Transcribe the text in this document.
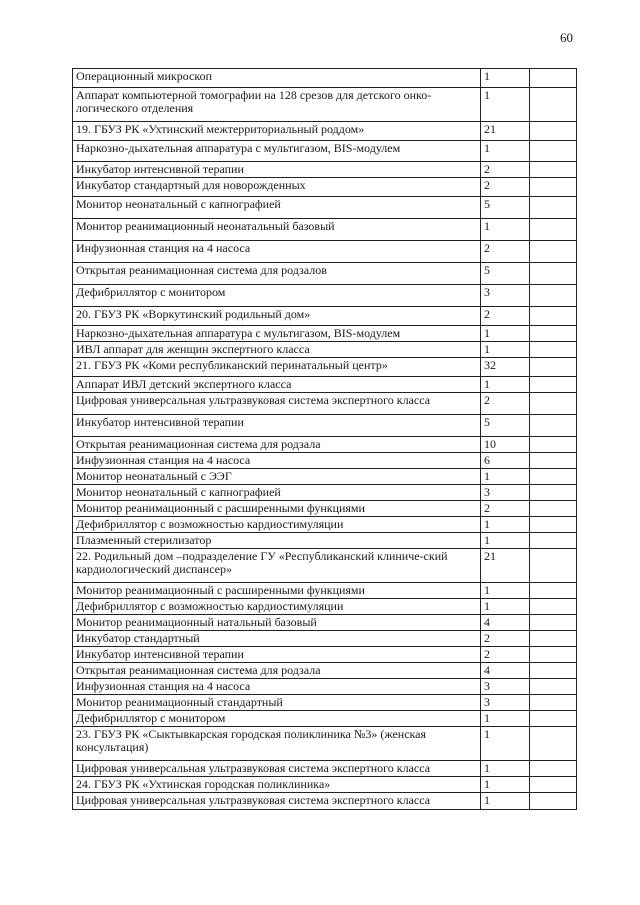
60
Операционный микроскоп	1	
Аппарат компьютерной томографии на 128 срезов для детского онко-логического отделения	1	
19. ГБУЗ РК «Ухтинский межтерриториальный роддом»	21	
Наркозно-дыхательная аппаратура с мультигазом, BIS-модулем	1	
Инкубатор интенсивной терапии	2	
Инкубатор стандартный для новорожденных	2	
Монитор неонатальный с капнографией	5	
Монитор реанимационный неонатальный базовый	1	
Инфузионная станция на 4 насоса	2	
Открытая реанимационная система для родзалов	5	
Дефибриллятор с монитором	3	
20. ГБУЗ РК «Воркутинский родильный дом»	2	
Наркозно-дыхательная аппаратура с мультигазом, BIS-модулем	1	
ИВЛ аппарат для женщин экспертного класса	1	
21. ГБУЗ РК «Коми республиканский перинатальный центр»	32	
Аппарат ИВЛ детский экспертного класса	1	
Цифровая универсальная ультразвуковая система экспертного класса	2	
Инкубатор интенсивной терапии	5	
Открытая реанимационная система для родзала	10	
Инфузионная станция на 4 насоса	6	
Монитор неонатальный с ЭЭГ	1	
Монитор неонатальный с капнографией	3	
Монитор реанимационный с расширенными функциями	2	
Дефибриллятор с возможностью кардиостимуляции	1	
Плазменный стерилизатор	1	
22. Родильный дом –подразделение ГУ «Республиканский клиниче-ский кардиологический диспансер»	21	
Монитор реанимационный с расширенными функциями	1	
Дефибриллятор с возможностью кардиостимуляции	1	
Монитор реанимационный натальный базовый	4	
Инкубатор стандартный	2	
Инкубатор интенсивной терапии	2	
Открытая реанимационная система для родзала	4	
Инфузионная станция на 4 насоса	3	
Монитор реанимационный стандартный	3	
Дефибриллятор с монитором	1	
23. ГБУЗ РК «Сыктывкарская городская поликлиника №3» (женская консультация)	1	
Цифровая универсальная ультразвуковая система экспертного класса	1	
24. ГБУЗ РК «Ухтинская городская поликлиника»	1	
Цифровая универсальная ультразвуковая система экспертного класса	1	
